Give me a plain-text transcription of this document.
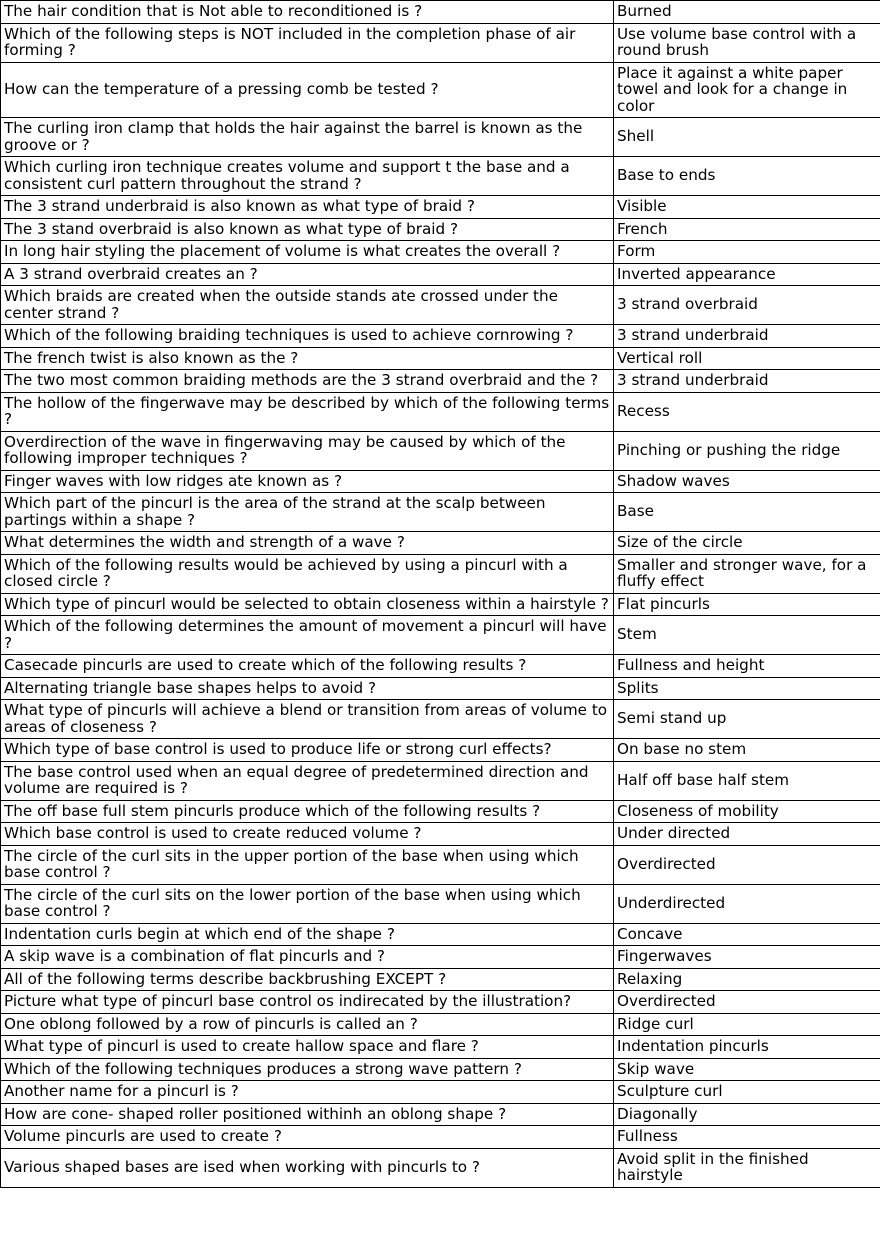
The hair condition that is Not able to reconditioned is ?	Burned
Which of the following steps is NOT included in the completion phase of air forming ?	Use volume base control with a round brush
How can the temperature of a pressing comb be tested ?	Place it against a white paper towel and look for a change in color
The curling iron clamp that holds the hair against the barrel is known as the groove or ?	Shell
Which curling iron technique creates volume and support t the base and a consistent curl pattern throughout the strand ?	Base to ends
The 3 strand underbraid is also known as what type of braid ?	Visible
The 3 stand overbraid is also known as what type of braid ?	French
In long hair styling the placement of volume is what creates the overall ?	Form
A 3 strand overbraid creates an ?	Inverted appearance
Which braids are created when the outside stands ate crossed under the center strand ?	3 strand overbraid
Which of the following braiding techniques is used to achieve cornrowing ?	3 strand underbraid
The french twist is also known as the ?	Vertical roll
The two most common braiding methods are the 3 strand overbraid and the ?	3 strand underbraid
The hollow of the fingerwave may be described by which of the following terms ?	Recess
Overdirection of the wave in fingerwaving may be caused by which of the following improper techniques ?	Pinching or pushing the ridge
Finger waves with low ridges ate known as ?	Shadow waves
Which part of the pincurl is the area of the strand at the scalp between partings within a shape ?	Base
What determines the width and strength of a wave ?	Size of the circle
Which of the following results would be achieved by using a pincurl with a closed circle ?	Smaller and stronger wave, for a fluffy effect
Which type of pincurl would be selected to obtain closeness within a hairstyle ?	Flat pincurls
Which of the following determines the amount of movement a pincurl will have ?	Stem
Casecade pincurls are used to create which of the following results ?	Fullness and height
Alternating triangle base shapes helps to avoid ?	Splits
What type of pincurls will achieve a blend or transition from areas of volume to areas of closeness ?	Semi stand up
Which type of base control is used to produce life or strong curl effects?	On base no stem
The base control used when an equal degree of predetermined direction and volume are required is ?	Half off base half stem
The off base full stem pincurls produce which of the following results ?	Closeness of mobility
Which base control is used to create reduced volume ?	Under directed
The circle of the curl sits in the upper portion of the base when using which base control ?	Overdirected
The circle of the curl sits on the lower portion of the base when using which base control ?	Underdirected
Indentation curls begin at which end of the shape ?	Concave
A skip wave is a combination of flat pincurls and ?	Fingerwaves
All of the following terms describe backbrushing EXCEPT ?	Relaxing
Picture what type of pincurl base control os indirecated by the illustration?	Overdirected
One oblong followed by a row of pincurls is called an ?	Ridge curl
What type of pincurl is used to create hallow space and flare ?	Indentation pincurls
Which of the following techniques produces a strong wave pattern ?	Skip wave
Another name for a pincurl is ?	Sculpture curl
How are cone- shaped roller positioned withinh an oblong shape ?	Diagonally
Volume pincurls are used to create ?	Fullness
Various shaped bases are ised when working with pincurls to ?	Avoid split in the finished hairstyle
